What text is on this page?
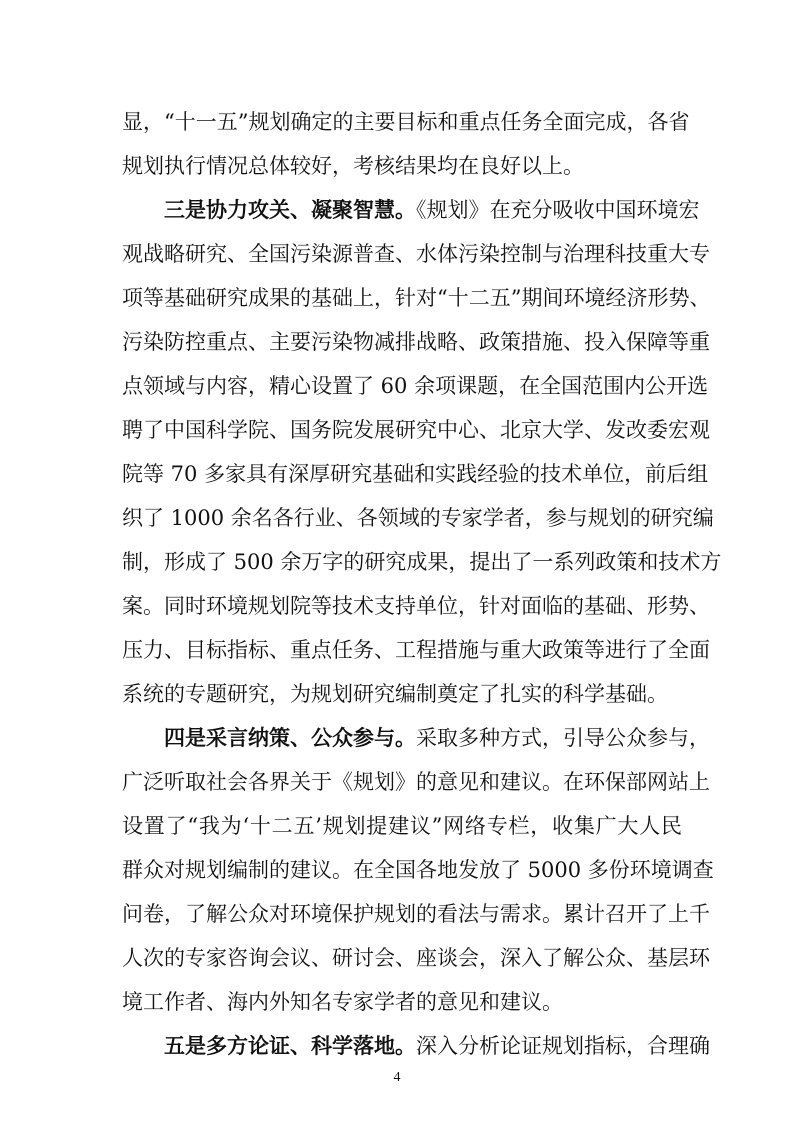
显，“十一五”规划确定的主要目标和重点任务全面完成，各省
规划执行情况总体较好，考核结果均在良好以上。
三是协力攻关、凝聚智慧。《规划》在充分吸收中国环境宏
观战略研究、全国污染源普查、水体污染控制与治理科技重大专
项等基础研究成果的基础上，针对“十二五”期间环境经济形势、
污染防控重点、主要污染物减排战略、政策措施、投入保障等重
点领域与内容，精心设置了 60 余项课题，在全国范围内公开选
聘了中国科学院、国务院发展研究中心、北京大学、发改委宏观
院等 70 多家具有深厚研究基础和实践经验的技术单位，前后组
织了 1000 余名各行业、各领域的专家学者，参与规划的研究编
制，形成了 500 余万字的研究成果，提出了一系列政策和技术方
案。同时环境规划院等技术支持单位，针对面临的基础、形势、
压力、目标指标、重点任务、工程措施与重大政策等进行了全面
系统的专题研究，为规划研究编制奠定了扎实的科学基础。
四是采言纳策、公众参与。采取多种方式，引导公众参与，
广泛听取社会各界关于《规划》的意见和建议。在环保部网站上
设置了“我为‘十二五’规划提建议”网络专栏，收集广大人民
群众对规划编制的建议。在全国各地发放了 5000 多份环境调查
问卷，了解公众对环境保护规划的看法与需求。累计召开了上千
人次的专家咨询会议、研讨会、座谈会，深入了解公众、基层环
境工作者、海内外知名专家学者的意见和建议。
五是多方论证、科学落地。深入分析论证规划指标，合理确
4
